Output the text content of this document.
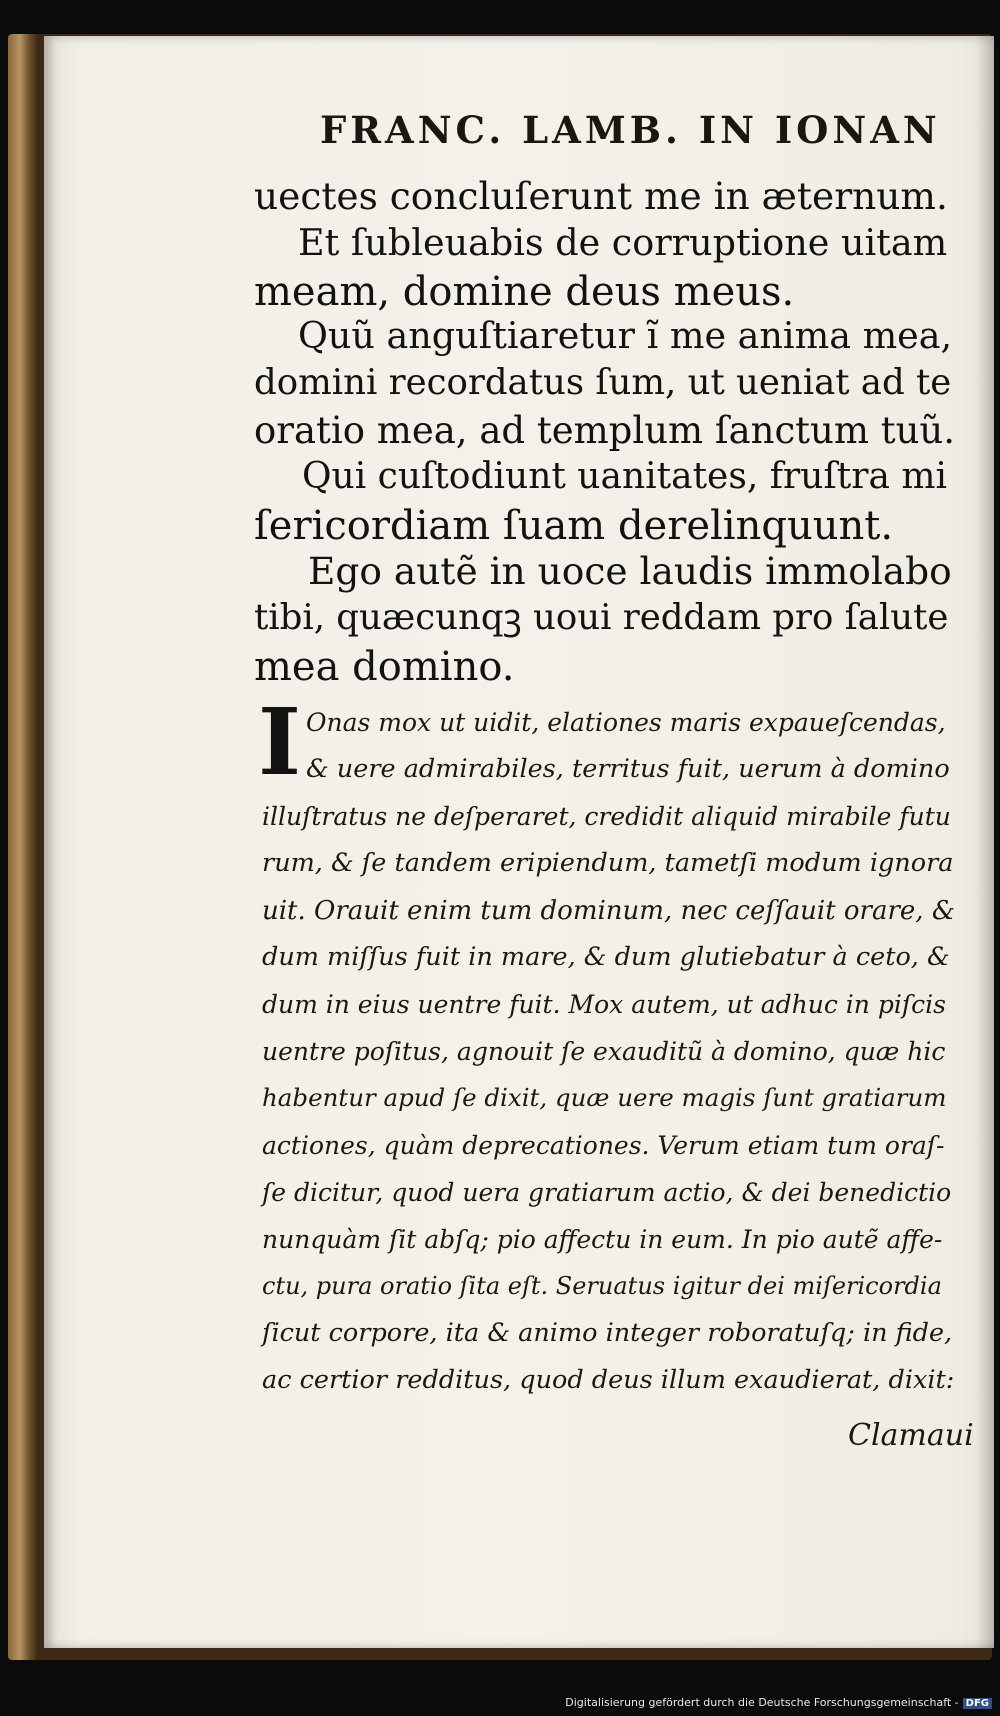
FRANC. LAMB. IN IONAN
uectes concluſerunt me in æternum.
Et ſubleuabis de corruptione uitam
meam, domine deus meus.
Quũ anguſtiaretur ĩ me anima mea,
domini recordatus ſum, ut ueniat ad te
oratio mea, ad templum ſanctum tuũ.
Qui cuſtodiunt uanitates, fruſtra mi
ſericordiam ſuam derelinquunt.
Ego autẽ in uoce laudis immolabo
tibi, quæcunqꝫ uoui reddam pro ſalute
mea domino.
I Onas mox ut uidit, elationes maris expaueſcendas,
& uere admirabiles, territus fuit, uerum à domino
illuſtratus ne deſperaret, credidit aliquid mirabile futu
rum, & ſe tandem eripiendum, tametſi modum ignora
uit. Orauit enim tum dominum, nec ceſſauit orare, &
dum miſſus fuit in mare, & dum glutiebatur à ceto, &
dum in eius uentre fuit. Mox autem, ut adhuc in piſcis
uentre poſitus, agnouit ſe exauditũ à domino, quæ hic
habentur apud ſe dixit, quæ uere magis ſunt gratiarum
actiones, quàm deprecationes. Verum etiam tum oraſ-
ſe dicitur, quod uera gratiarum actio, & dei benedictio
nunquàm ſit abſq; pio affectu in eum. In pio autẽ affe-
ctu, pura oratio ſita eſt. Seruatus igitur dei miſericordia
ſicut corpore, ita & animo integer roboratuſq; in fide,
ac certior redditus, quod deus illum exaudierat, dixit:
Clamaui
Digitalisierung gefördert durch die Deutsche Forschungsgemeinschaft - DFG
